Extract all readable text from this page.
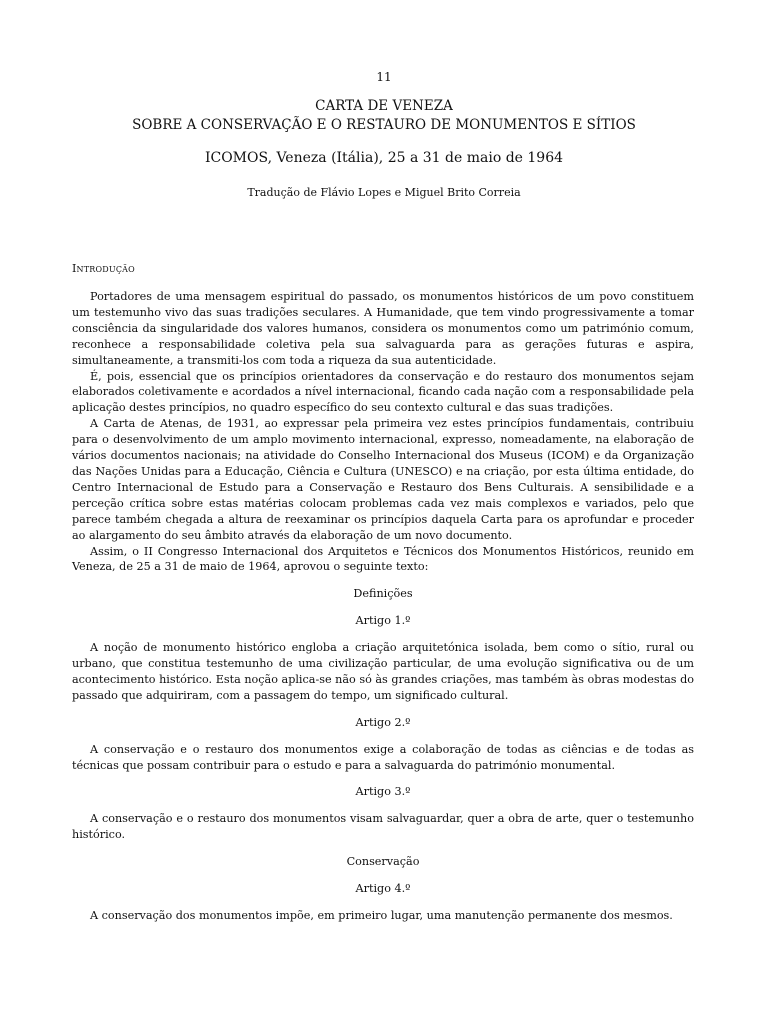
11
CARTA DE VENEZA
SOBRE A CONSERVAÇÃO E O RESTAURO DE MONUMENTOS E SÍTIOS
ICOMOS, Veneza (Itália), 25 a 31 de maio de 1964
Tradução de Flávio Lopes e Miguel Brito Correia
Introdução

Portadores de uma mensagem espiritual do passado, os monumentos históricos de um povo constituem um testemunho vivo das suas tradições seculares. A Humanidade, que tem vindo progressivamente a tomar consciência da singularidade dos valores humanos, considera os monumentos como um património comum, reconhece a responsabilidade coletiva pela sua salvaguarda para as gerações futuras e aspira, simultaneamente, a transmiti-los com toda a riqueza da sua autenticidade.

É, pois, essencial que os princípios orientadores da conservação e do restauro dos monumentos sejam elaborados coletivamente e acordados a nível internacional, ficando cada nação com a responsabilidade pela aplicação destes princípios, no quadro específico do seu contexto cultural e das suas tradições.

A Carta de Atenas, de 1931, ao expressar pela primeira vez estes princípios fundamentais, contribuiu para o desenvolvimento de um amplo movimento internacional, expresso, nomeadamente, na elaboração de vários documentos nacionais; na atividade do Conselho Internacional dos Museus (ICOM) e da Organização das Nações Unidas para a Educação, Ciência e Cultura (UNESCO) e na criação, por esta última entidade, do Centro Internacional de Estudo para a Conservação e Restauro dos Bens Culturais. A sensibilidade e a perceção crítica sobre estas matérias colocam problemas cada vez mais complexos e variados, pelo que parece também chegada a altura de reexaminar os princípios daquela Carta para os aprofundar e proceder ao alargamento do seu âmbito através da elaboração de um novo documento.

Assim, o II Congresso Internacional dos Arquitetos e Técnicos dos Monumentos Históricos, reunido em Veneza, de 25 a 31 de maio de 1964, aprovou o seguinte texto:

Definições
Artigo 1.º

A noção de monumento histórico engloba a criação arquitetónica isolada, bem como o sítio, rural ou urbano, que constitua testemunho de uma civilização particular, de uma evolução significativa ou de um acontecimento histórico. Esta noção aplica-se não só às grandes criações, mas também às obras modestas do passado que adquiriram, com a passagem do tempo, um significado cultural.

Artigo 2.º

A conservação e o restauro dos monumentos exige a colaboração de todas as ciências e de todas as técnicas que possam contribuir para o estudo e para a salvaguarda do património monumental.

Artigo 3.º

A conservação e o restauro dos monumentos visam salvaguardar, quer a obra de arte, quer o testemunho histórico.

Conservação
Artigo 4.º

A conservação dos monumentos impõe, em primeiro lugar, uma manutenção permanente dos mesmos.
